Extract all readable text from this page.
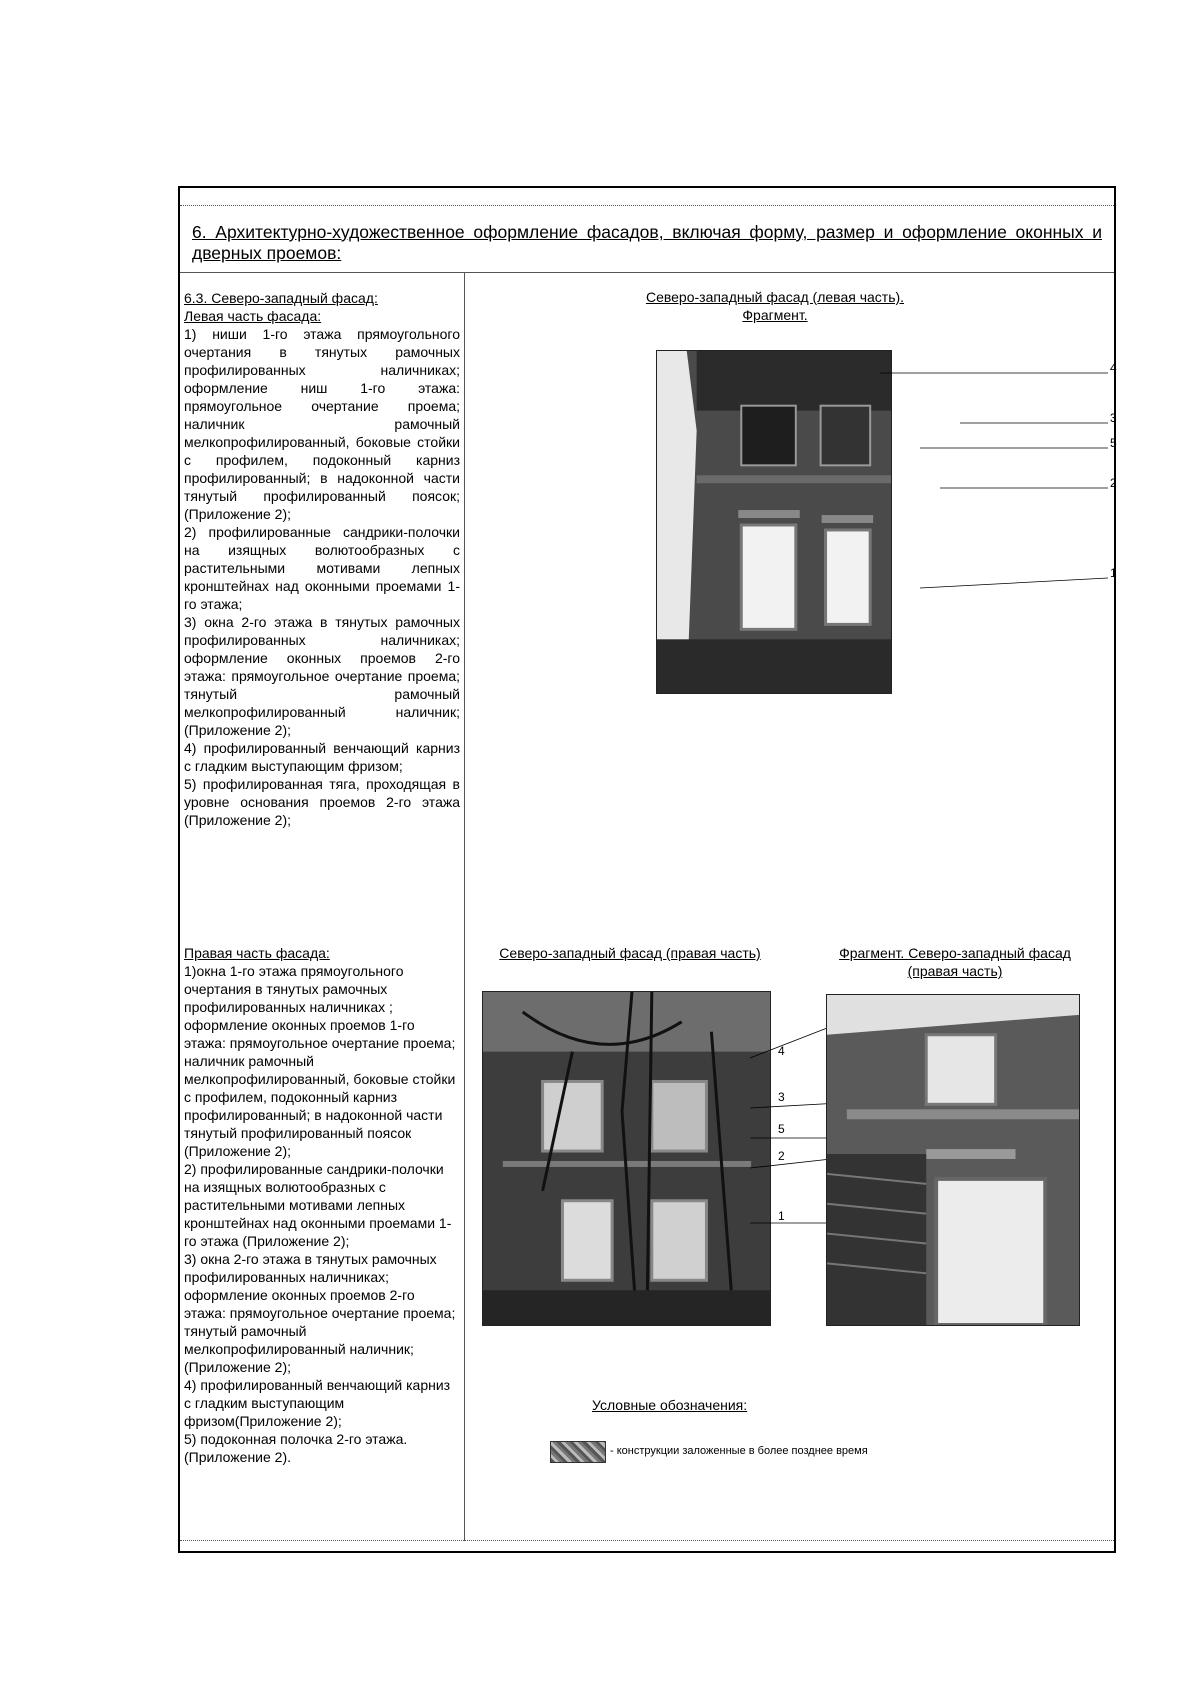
6. Архитектурно-художественное оформление фасадов, включая форму, размер и оформление оконных и дверных проемов:
6.3. Северо-западный фасад:
Левая часть фасада:

1) ниши 1-го этажа прямоугольного очертания в тянутых рамочных профилированных наличниках; оформление ниш 1-го этажа: прямоугольное очертание проема; наличник рамочный мелкопрофилированный, боковые стойки с профилем, подоконный карниз профилированный; в надоконной части тянутый профилированный поясок; (Приложение 2);

2) профилированные сандрики-полочки на изящных волютообразных с растительными мотивами лепных кронштейнах над оконными проемами 1-го этажа;

3) окна 2-го этажа в тянутых рамочных профилированных наличниках; оформление оконных проемов 2-го этажа: прямоугольное очертание проема; тянутый рамочный мелкопрофилированный наличник; (Приложение 2);

4) профилированный венчающий карниз с гладким выступающим фризом;

5) профилированная тяга, проходящая в уровне основания проемов 2-го этажа (Приложение 2);

Правая часть фасада:

1)окна 1-го этажа прямоугольного очертания в тянутых рамочных профилированных наличниках ; оформление оконных проемов 1-го этажа: прямоугольное очертание проема; наличник рамочный мелкопрофилированный, боковые стойки с профилем, подоконный карниз профилированный; в надоконной части тянутый профилированный поясок (Приложение 2);

2) профилированные сандрики-полочки на изящных волютообразных с растительными мотивами лепных кронштейнах над оконными проемами 1-го этажа (Приложение 2);

3) окна 2-го этажа в тянутых рамочных профилированных наличниках; оформление оконных проемов 2-го этажа: прямоугольное очертание проема; тянутый рамочный мелкопрофилированный наличник; (Приложение 2);

4) профилированный венчающий карниз с гладким выступающим фризом(Приложение 2);

5) подоконная полочка 2-го этажа. (Приложение 2).

Северо-западный фасад (левая часть).
Фрагмент.
4
3
5
2
1
Северо-западный фасад (правая часть)
4
3
5
2
1
Фрагмент. Северо-западный фасад
(правая часть)
Условные обозначения:
- конструкции заложенные в более позднее время
